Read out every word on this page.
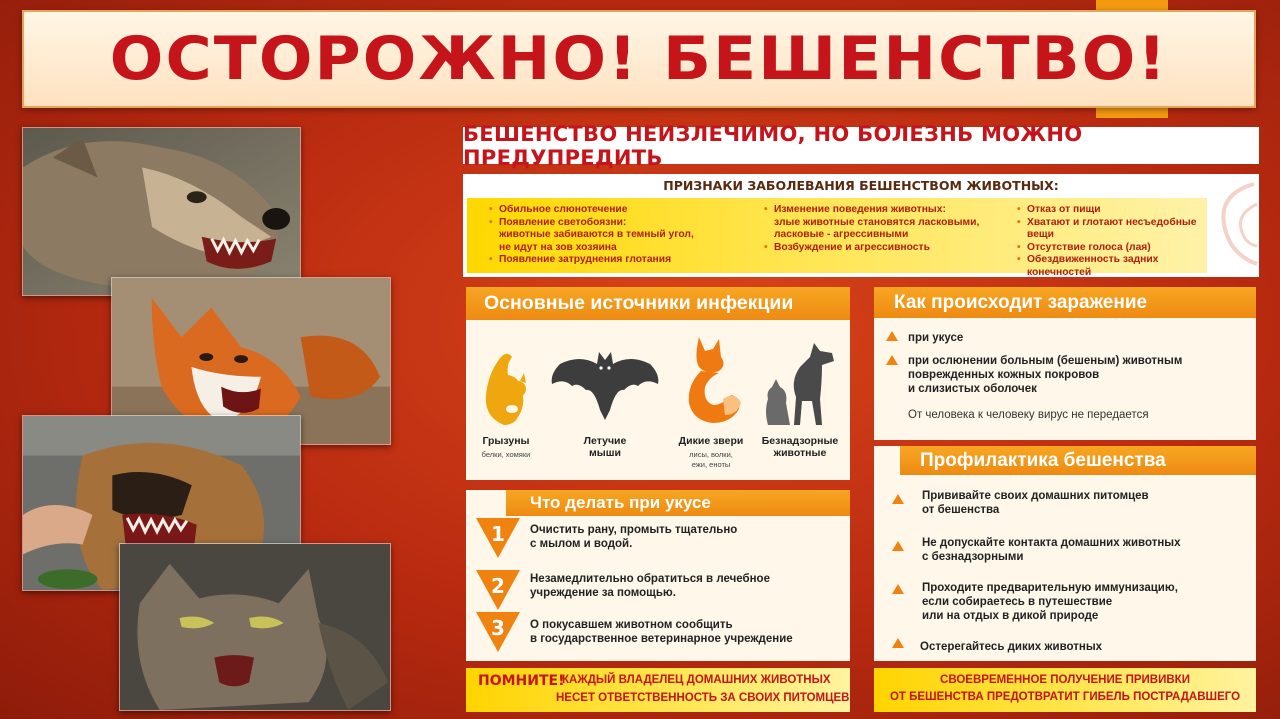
ОСТОРОЖНО! БЕШЕНСТВО!
БЕШЕНСТВО НЕИЗЛЕЧИМО, НО БОЛЕЗНЬ МОЖНО ПРЕДУПРЕДИТЬ
ПРИЗНАКИ ЗАБОЛЕВАНИЯ БЕШЕНСТВОМ ЖИВОТНЫХ:
• Обильное слюнотечение
• Появление светобоязни:
животные забиваются в темный угол,
не идут на зов хозяина
• Появление затруднения глотания
• Изменение поведения животных:
злые животные становятся ласковыми,
ласковые - агрессивными
• Возбуждение и агрессивность
• Отказ от пищи
• Хватают и глотают несъедобные вещи
• Отсутствие голоса (лая)
• Обездвиженность задних конечностей
Основные источники инфекции
Грызуны
белки, хомяки
Летучие
мыши
Дикие звери
лисы, волки,
ежи, еноты
Безнадзорные
животные
Как происходит заражение
при укусе
при ослюнении больным (бешеным) животным
поврежденных кожных покровов
и слизистых оболочек
От человека к человеку вирус не передается
Профилактика бешенства
Прививайте своих домашних питомцев
от бешенства
Не допускайте контакта домашних животных
с безнадзорными
Проходите предварительную иммунизацию,
если собираетесь в путешествие
или на отдых в дикой природе
Остерегайтесь диких животных
Что делать при укусе
1	Очистить рану, промыть тщательно
с мылом и водой.
2	Незамедлительно обратиться в лечебное
учреждение за помощью.
3	О покусавшем животном сообщить
в государственное ветеринарное учреждение
ПОМНИТЕ!
КАЖДЫЙ ВЛАДЕЛЕЦ ДОМАШНИХ ЖИВОТНЫХ
НЕСЕТ ОТВЕТСТВЕННОСТЬ ЗА СВОИХ ПИТОМЦЕВ
СВОЕВРЕМЕННОЕ ПОЛУЧЕНИЕ ПРИВИВКИ
ОТ БЕШЕНСТВА ПРЕДОТВРАТИТ ГИБЕЛЬ ПОСТРАДАВШЕГО
